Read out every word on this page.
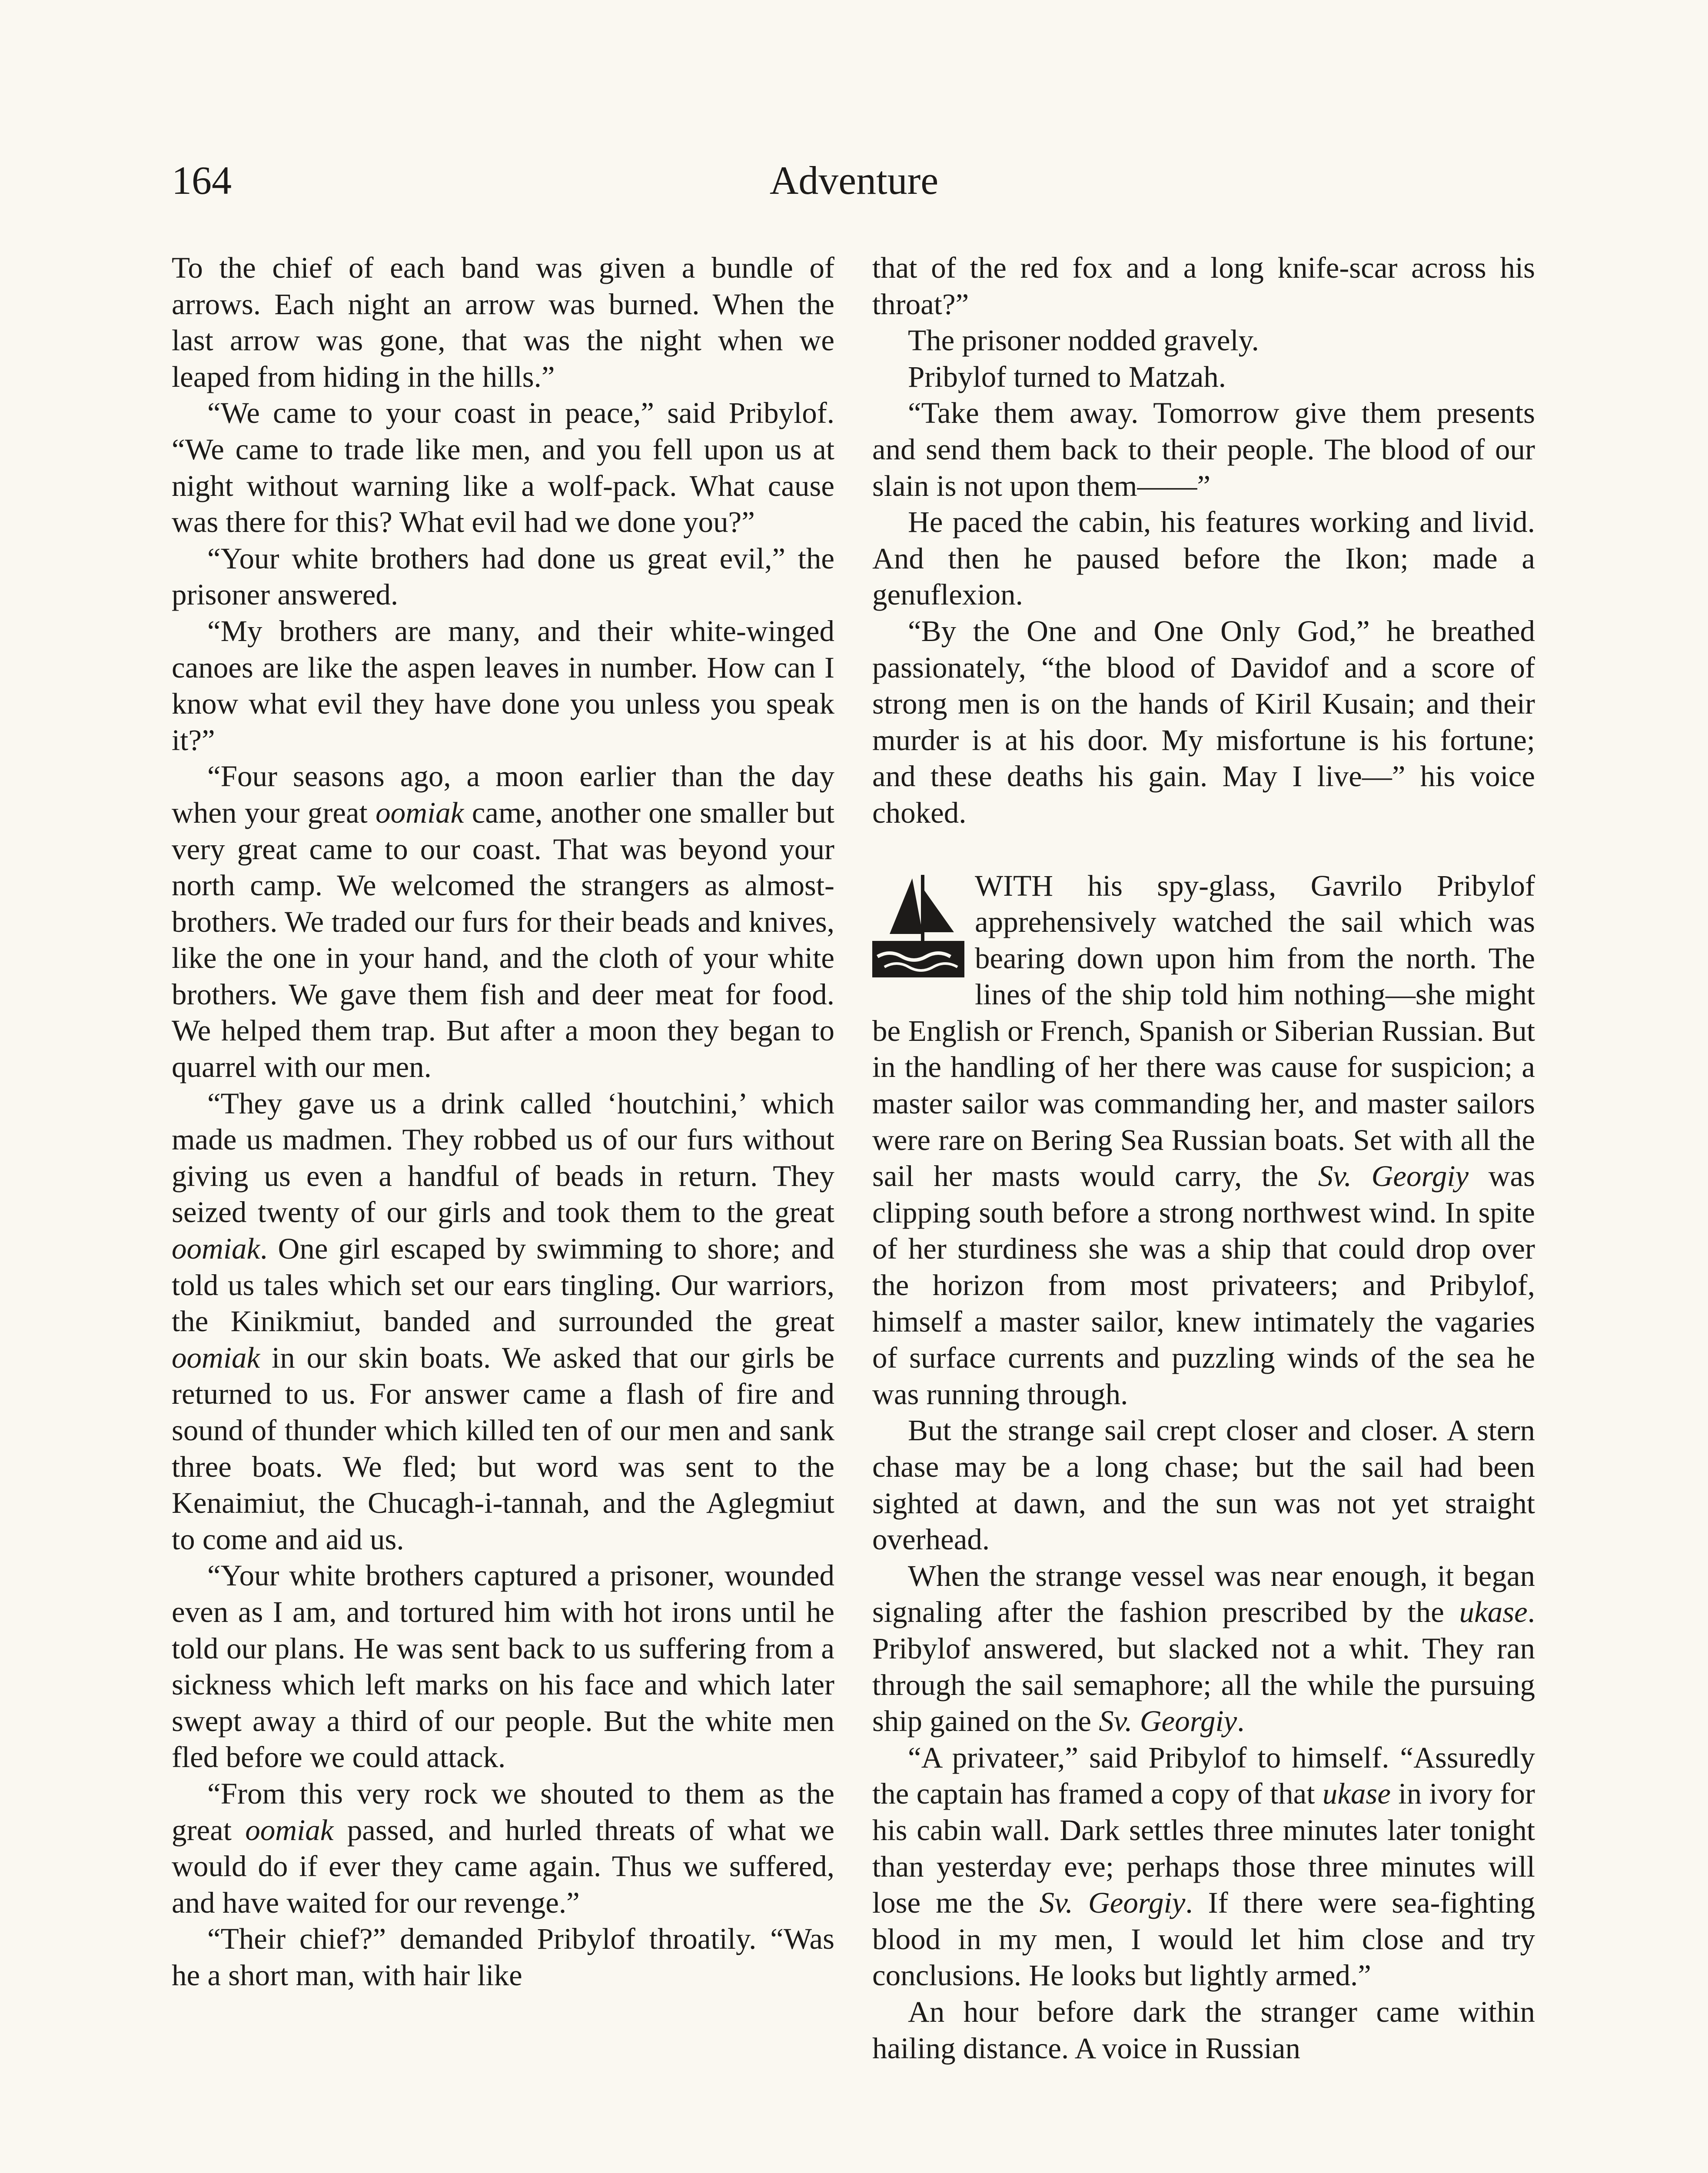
164	Adventure

To the chief of each band was given a bundle of arrows. Each night an arrow was burned. When the last arrow was gone, that was the night when we leaped from hiding in the hills.”

“We came to your coast in peace,” said Pribylof. “We came to trade like men, and you fell upon us at night without warning like a wolf-pack. What cause was there for this? What evil had we done you?”

“Your white brothers had done us great evil,” the prisoner answered.

“My brothers are many, and their white-winged canoes are like the aspen leaves in number. How can I know what evil they have done you unless you speak it?”

“Four seasons ago, a moon earlier than the day when your great oomiak came, another one smaller but very great came to our coast. That was beyond your north camp. We welcomed the strangers as almost-brothers. We traded our furs for their beads and knives, like the one in your hand, and the cloth of your white brothers. We gave them fish and deer meat for food. We helped them trap. But after a moon they began to quarrel with our men.

“They gave us a drink called ‘houtchini,’ which made us madmen. They robbed us of our furs without giving us even a handful of beads in return. They seized twenty of our girls and took them to the great oomiak. One girl escaped by swimming to shore; and told us tales which set our ears tingling. Our warriors, the Kinikmiut, banded and surrounded the great oomiak in our skin boats. We asked that our girls be returned to us. For answer came a flash of fire and sound of thunder which killed ten of our men and sank three boats. We fled; but word was sent to the Kenaimiut, the Chucagh-i-tannah, and the Aglegmiut to come and aid us.

“Your white brothers captured a prisoner, wounded even as I am, and tortured him with hot irons until he told our plans. He was sent back to us suffering from a sickness which left marks on his face and which later swept away a third of our people. But the white men fled before we could attack.

“From this very rock we shouted to them as the great oomiak passed, and hurled threats of what we would do if ever they came again. Thus we suffered, and have waited for our revenge.”

“Their chief?” demanded Pribylof throatily. “Was he a short man, with hair like

that of the red fox and a long knife-scar across his throat?”

The prisoner nodded gravely.

Pribylof turned to Matzah.

“Take them away. Tomorrow give them presents and send them back to their people. The blood of our slain is not upon them——”

He paced the cabin, his features working and livid. And then he paused before the Ikon; made a genuflexion.

“By the One and One Only God,” he breathed passionately, “the blood of Davidof and a score of strong men is on the hands of Kiril Kusain; and their murder is at his door. My misfortune is his fortune; and these deaths his gain. May I live—” his voice choked.

WITH his spy-glass, Gavrilo Pribylof apprehensively watched the sail which was bearing down upon him from the north. The lines of the ship told him nothing—she might be English or French, Spanish or Siberian Russian. But in the handling of her there was cause for suspicion; a master sailor was commanding her, and master sailors were rare on Bering Sea Russian boats. Set with all the sail her masts would carry, the Sv. Georgiy was clipping south before a strong northwest wind. In spite of her sturdiness she was a ship that could drop over the horizon from most privateers; and Pribylof, himself a master sailor, knew intimately the vagaries of surface currents and puzzling winds of the sea he was running through.

But the strange sail crept closer and closer. A stern chase may be a long chase; but the sail had been sighted at dawn, and the sun was not yet straight overhead.

When the strange vessel was near enough, it began signaling after the fashion prescribed by the ukase. Pribylof answered, but slacked not a whit. They ran through the sail semaphore; all the while the pursuing ship gained on the Sv. Georgiy.

“A privateer,” said Pribylof to himself. “Assuredly the captain has framed a copy of that ukase in ivory for his cabin wall. Dark settles three minutes later tonight than yesterday eve; perhaps those three minutes will lose me the Sv. Georgiy. If there were sea-fighting blood in my men, I would let him close and try conclusions. He looks but lightly armed.”

An hour before dark the stranger came within hailing distance. A voice in Russian
